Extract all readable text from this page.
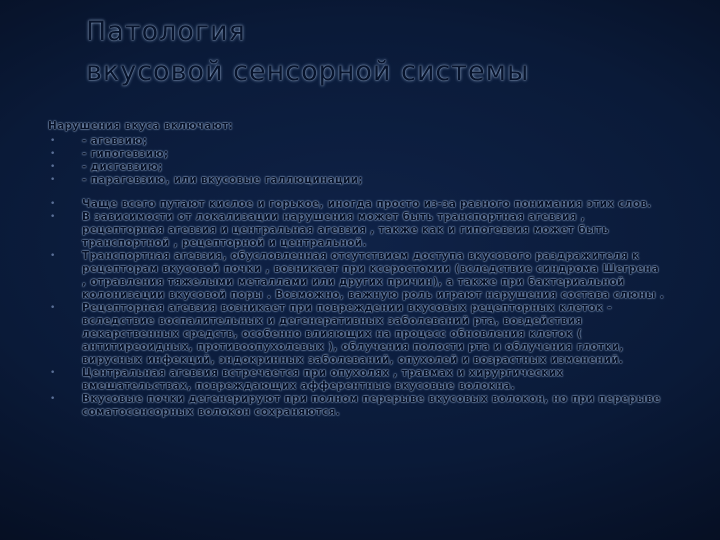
Патология
вкусовой сенсорной системы
Нарушения вкуса включают:
•	- агевзию;
•	- гипогевзию;
•	- дисгевзию;
•	- парагевзию, или вкусовые галлюцинации;
•	Чаще всего путают кислое и горькое, иногда просто из-за разного понимания этих слов.
•	В зависимости от локализации нарушения может быть транспортная агевзия , рецепторная агевзия и центральная агевзия , также как и гипогевзия может быть транспортной , рецепторной и центральной.
•	Транспортная агевзия, обусловленная отсутствием доступа вкусового раздражителя к рецепторам вкусовой почки , возникает при ксеростомии (вследствие синдрома Шегрена , отравления тяжелыми металлами или других причин), а также при бактериальной колонизации вкусовой поры . Возможно, важную роль играют нарушения состава слюны .
•	Рецепторная агевзия возникает при повреждении вкусовых рецепторных клеток - вследствие воспалительных и дегенеративных заболеваний рта, воздействия лекарственных средств, особенно влияющих на процесс обновления клеток ( антитиреоидных, противоопухолевых ), облучения полости рта и облучения глотки, вирусных инфекций, эндокринных заболеваний, опухолей и возрастных изменений.
•	Центральная агевзия встречается при опухолях , травмах и хирургических вмешательствах, повреждающих афферентные вкусовые волокна.
•	Вкусовые почки дегенерируют при полном перерыве вкусовых волокон, но при перерыве соматосенсорных волокон сохраняются.
